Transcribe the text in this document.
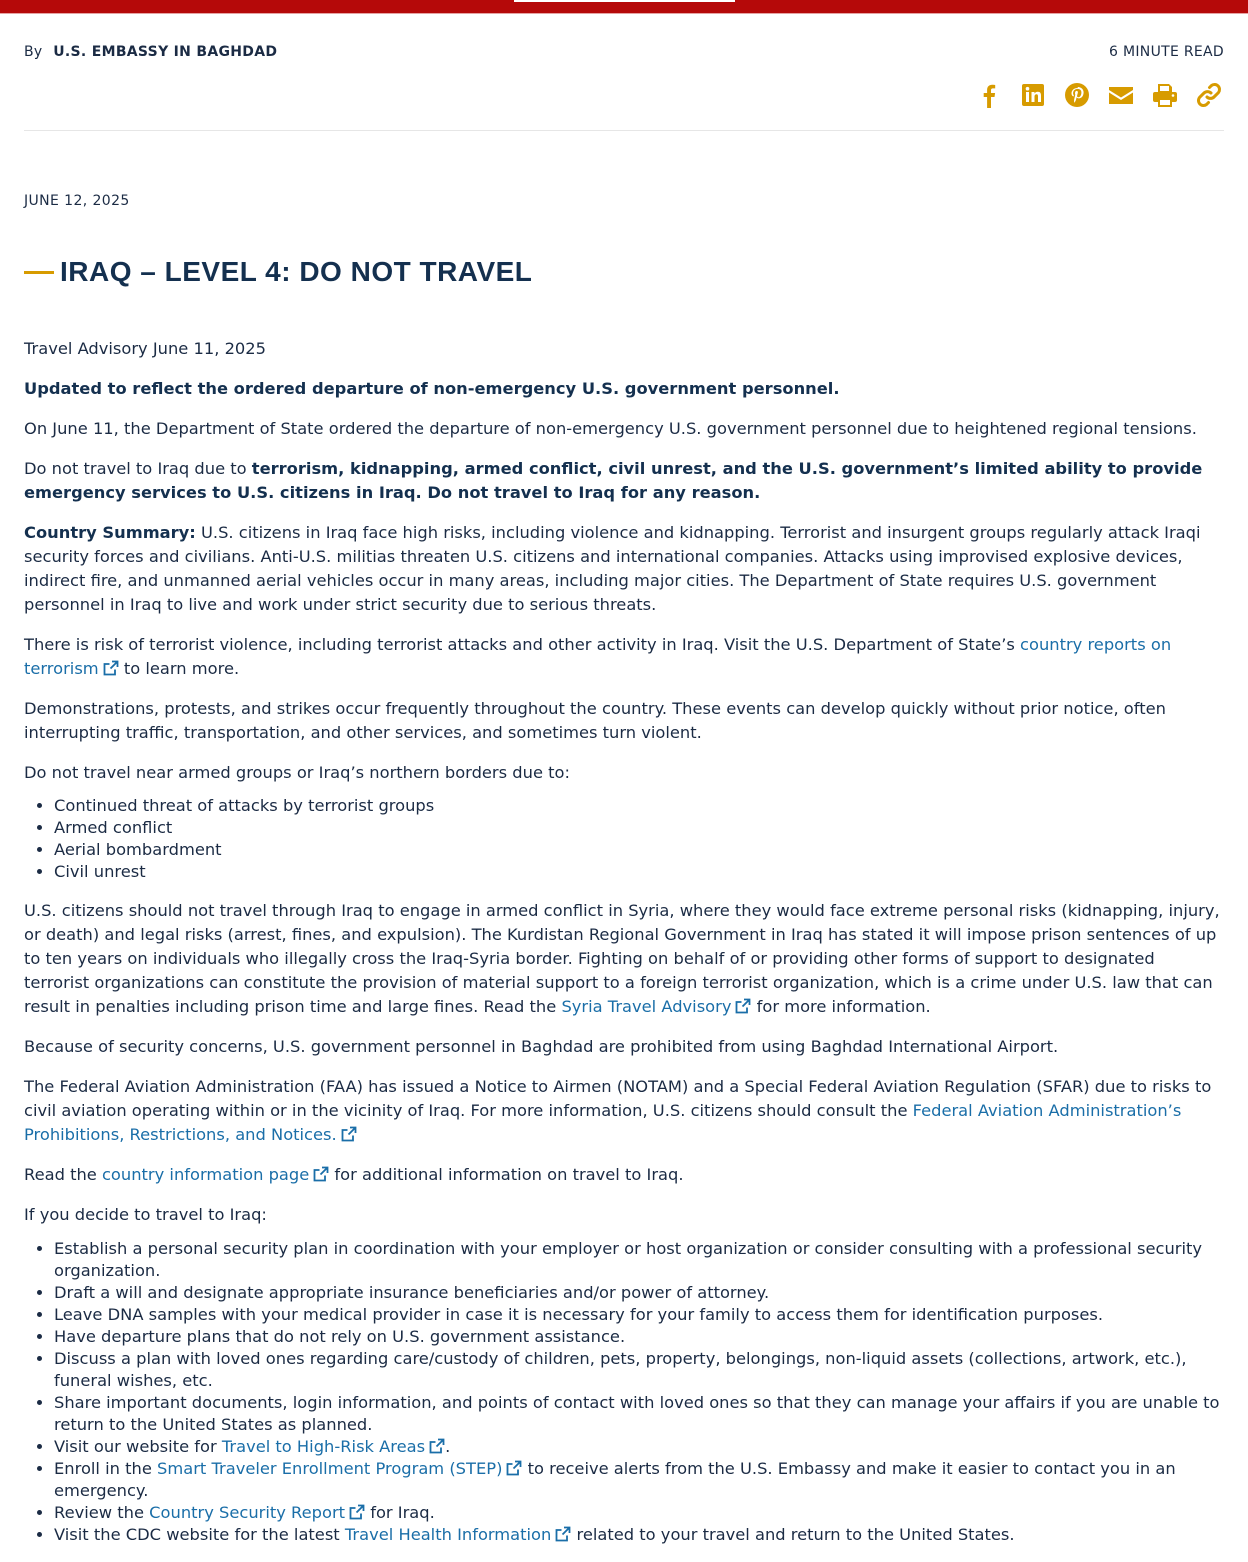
By U.S. EMBASSY IN BAGHDAD	6 MINUTE READ
JUNE 12, 2025
IRAQ – LEVEL 4: DO NOT TRAVEL

Travel Advisory June 11, 2025

Updated to reflect the ordered departure of non-emergency U.S. government personnel.

On June 11, the Department of State ordered the departure of non-emergency U.S. government personnel due to heightened regional tensions.

Do not travel to Iraq due to terrorism, kidnapping, armed conflict, civil unrest, and the U.S. government’s limited ability to provide emergency services to U.S. citizens in Iraq. Do not travel to Iraq for any reason.

Country Summary: U.S. citizens in Iraq face high risks, including violence and kidnapping. Terrorist and insurgent groups regularly attack Iraqi security forces and civilians. Anti-U.S. militias threaten U.S. citizens and international companies. Attacks using improvised explosive devices, indirect fire, and unmanned aerial vehicles occur in many areas, including major cities. The Department of State requires U.S. government personnel in Iraq to live and work under strict security due to serious threats.

There is risk of terrorist violence, including terrorist attacks and other activity in Iraq. Visit the U.S. Department of State’s country reports on terrorism to learn more.

Demonstrations, protests, and strikes occur frequently throughout the country. These events can develop quickly without prior notice, often interrupting traffic, transportation, and other services, and sometimes turn violent.

Do not travel near armed groups or Iraq’s northern borders due to:

• Continued threat of attacks by terrorist groups
• Armed conflict
• Aerial bombardment
• Civil unrest

U.S. citizens should not travel through Iraq to engage in armed conflict in Syria, where they would face extreme personal risks (kidnapping, injury, or death) and legal risks (arrest, fines, and expulsion). The Kurdistan Regional Government in Iraq has stated it will impose prison sentences of up to ten years on individuals who illegally cross the Iraq-Syria border. Fighting on behalf of or providing other forms of support to designated terrorist organizations can constitute the provision of material support to a foreign terrorist organization, which is a crime under U.S. law that can result in penalties including prison time and large fines. Read the Syria Travel Advisory for more information.

Because of security concerns, U.S. government personnel in Baghdad are prohibited from using Baghdad International Airport.

The Federal Aviation Administration (FAA) has issued a Notice to Airmen (NOTAM) and a Special Federal Aviation Regulation (SFAR) due to risks to civil aviation operating within or in the vicinity of Iraq. For more information, U.S. citizens should consult the Federal Aviation Administration’s Prohibitions, Restrictions, and Notices.

Read the country information page for additional information on travel to Iraq.

If you decide to travel to Iraq:

• Establish a personal security plan in coordination with your employer or host organization or consider consulting with a professional security organization.
• Draft a will and designate appropriate insurance beneficiaries and/or power of attorney.
• Leave DNA samples with your medical provider in case it is necessary for your family to access them for identification purposes.
• Have departure plans that do not rely on U.S. government assistance.
• Discuss a plan with loved ones regarding care/custody of children, pets, property, belongings, non-liquid assets (collections, artwork, etc.), funeral wishes, etc.
• Share important documents, login information, and points of contact with loved ones so that they can manage your affairs if you are unable to return to the United States as planned.
• Visit our website for Travel to High-Risk Areas .
• Enroll in the Smart Traveler Enrollment Program (STEP) to receive alerts from the U.S. Embassy and make it easier to contact you in an emergency.
• Review the Country Security Report for Iraq.
• Visit the CDC website for the latest Travel Health Information related to your travel and return to the United States.
